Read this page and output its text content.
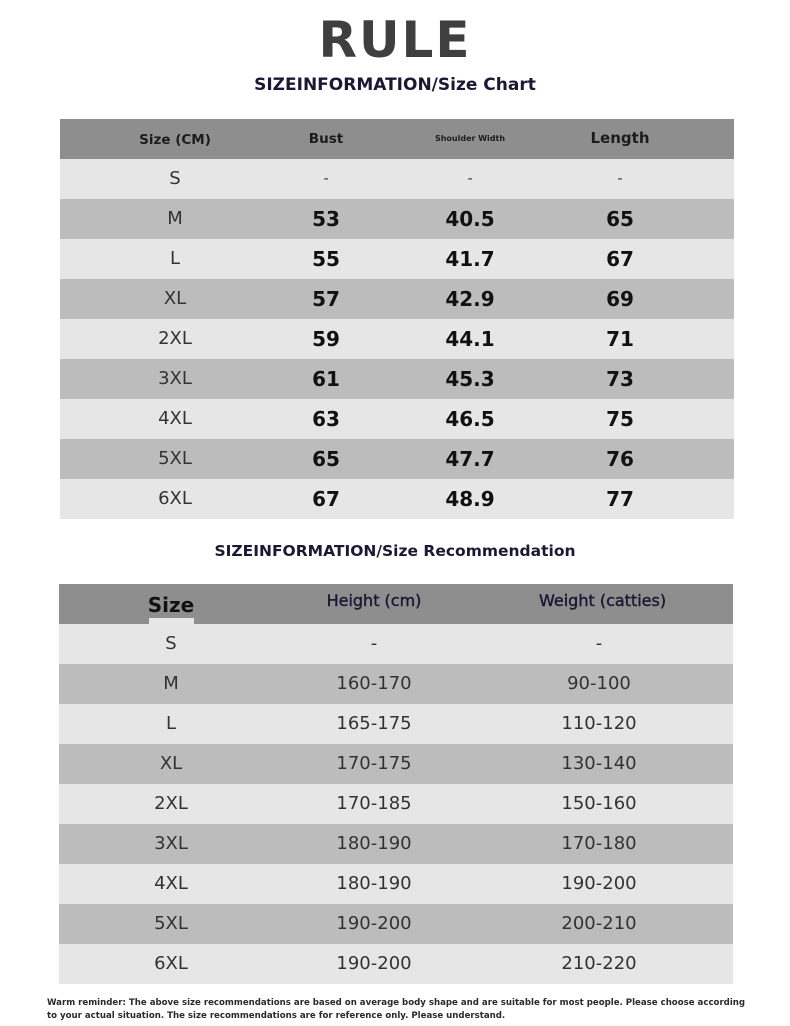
RULE
SIZEINFORMATION/Size Chart
Size (CM)	Bust	Shoulder Width	Length
S	-	-	-
M	53	40.5	65
L	55	41.7	67
XL	57	42.9	69
2XL	59	44.1	71
3XL	61	45.3	73
4XL	63	46.5	75
5XL	65	47.7	76
6XL	67	48.9	77
SIZEINFORMATION/Size Recommendation
Size	Height (cm)	Weight (catties)
S	-	-
M	160-170	90-100
L	165-175	110-120
XL	170-175	130-140
2XL	170-185	150-160
3XL	180-190	170-180
4XL	180-190	190-200
5XL	190-200	200-210
6XL	190-200	210-220
Warm reminder: The above size recommendations are based on average body shape and are suitable for most people. Please choose according to your actual situation. The size recommendations are for reference only. Please understand.
